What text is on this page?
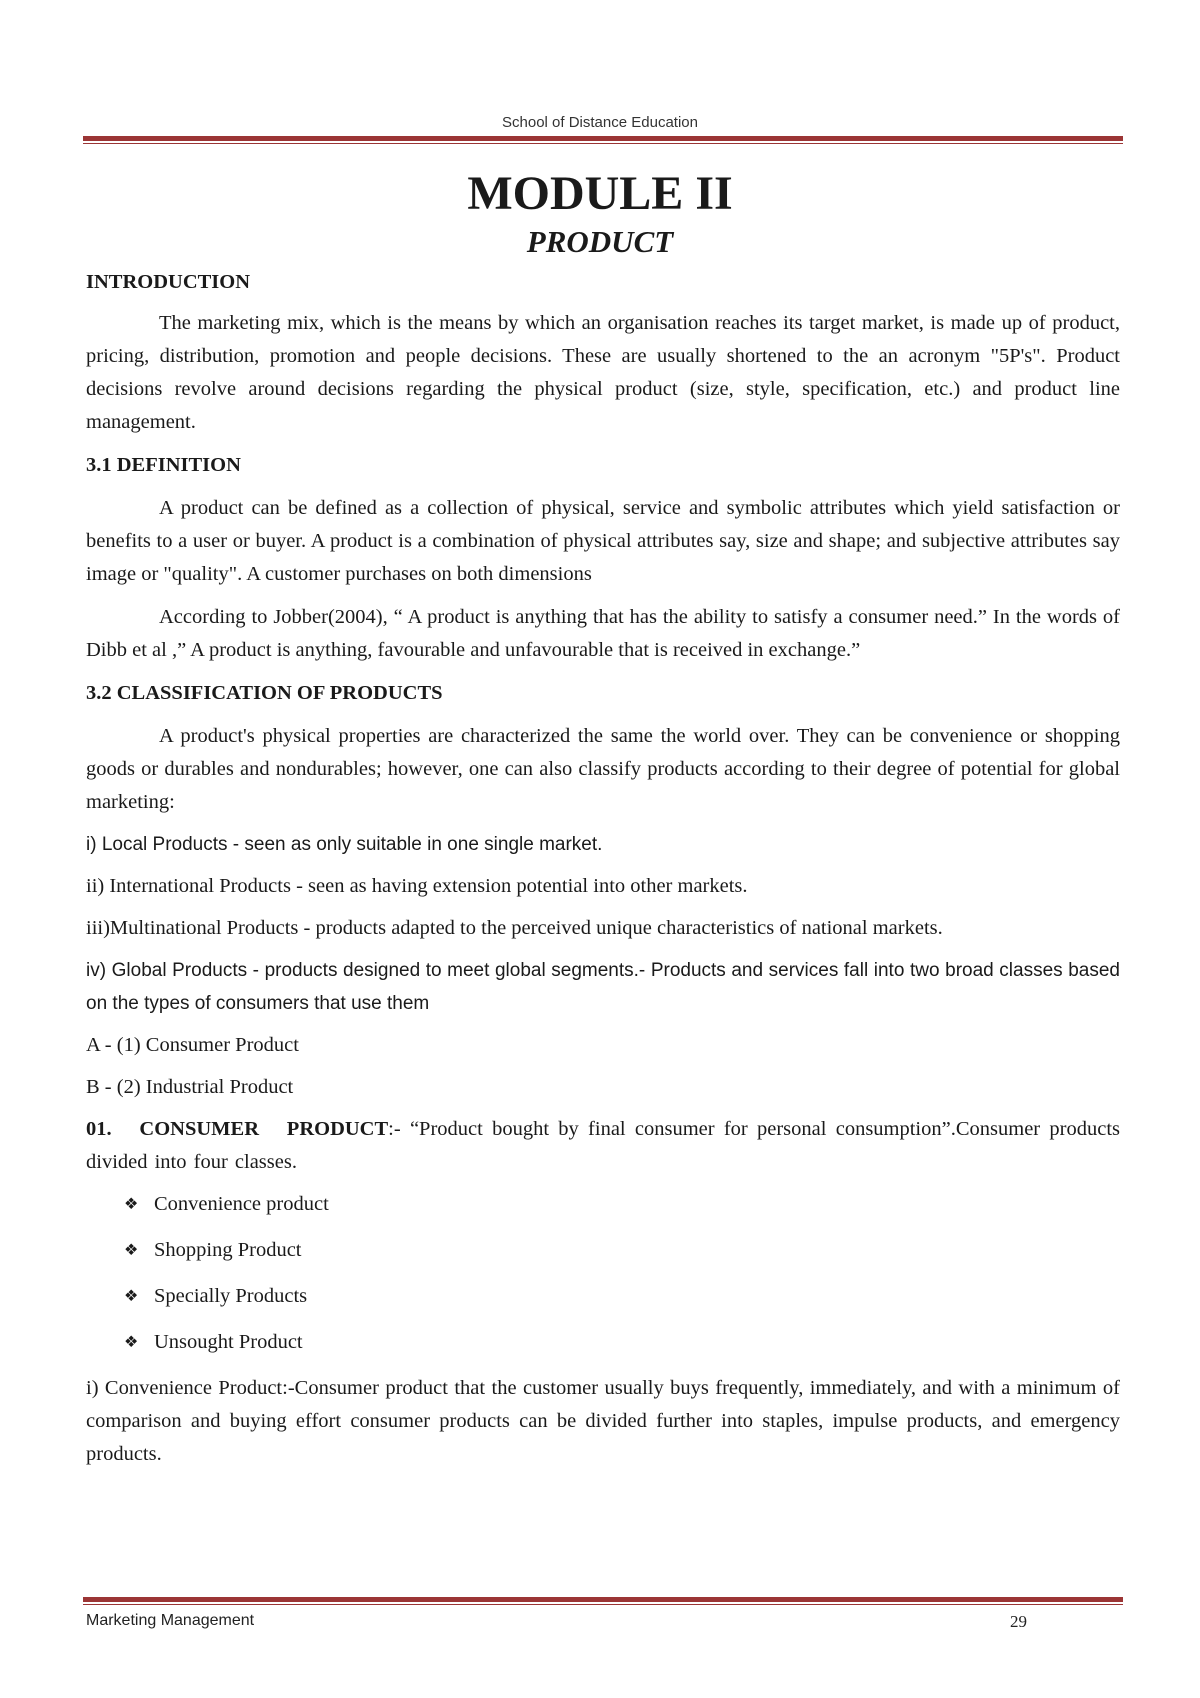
School of Distance Education
MODULE II
PRODUCT
INTRODUCTION

The marketing mix, which is the means by which an organisation reaches its target market, is made up of product, pricing, distribution, promotion and people decisions. These are usually shortened to the an acronym "5P's". Product decisions revolve around decisions regarding the physical product (size, style, specification, etc.) and product line management.

3.1 DEFINITION

A product can be defined as a collection of physical, service and symbolic attributes which yield satisfaction or benefits to a user or buyer. A product is a combination of physical attributes say, size and shape; and subjective attributes say image or "quality". A customer purchases on both dimensions

According to Jobber(2004), “ A product is anything that has the ability to satisfy a consumer need.” In the words of Dibb et al ,” A product is anything, favourable and unfavourable that is received in exchange.”

3.2 CLASSIFICATION OF PRODUCTS

A product's physical properties are characterized the same the world over. They can be convenience or shopping goods or durables and nondurables; however, one can also classify products according to their degree of potential for global marketing:

i) Local Products - seen as only suitable in one single market.

ii) International Products - seen as having extension potential into other markets.

iii)Multinational Products - products adapted to the perceived unique characteristics of national markets.

iv) Global Products - products designed to meet global segments.- Products and services fall into two broad classes based on the types of consumers that use them

A - (1) Consumer Product

B - (2) Industrial Product

01.   CONSUMER   PRODUCT:- “Product bought by final consumer for personal consumption”.Consumer products divided into four classes.

❖ Convenience product
❖ Shopping Product
❖ Specially Products
❖ Unsought Product

i) Convenience Product:-Consumer product that the customer usually buys frequently, immediately, and with a minimum of comparison and buying effort consumer products can be divided further into staples, impulse products, and emergency products.

Marketing Management	29
